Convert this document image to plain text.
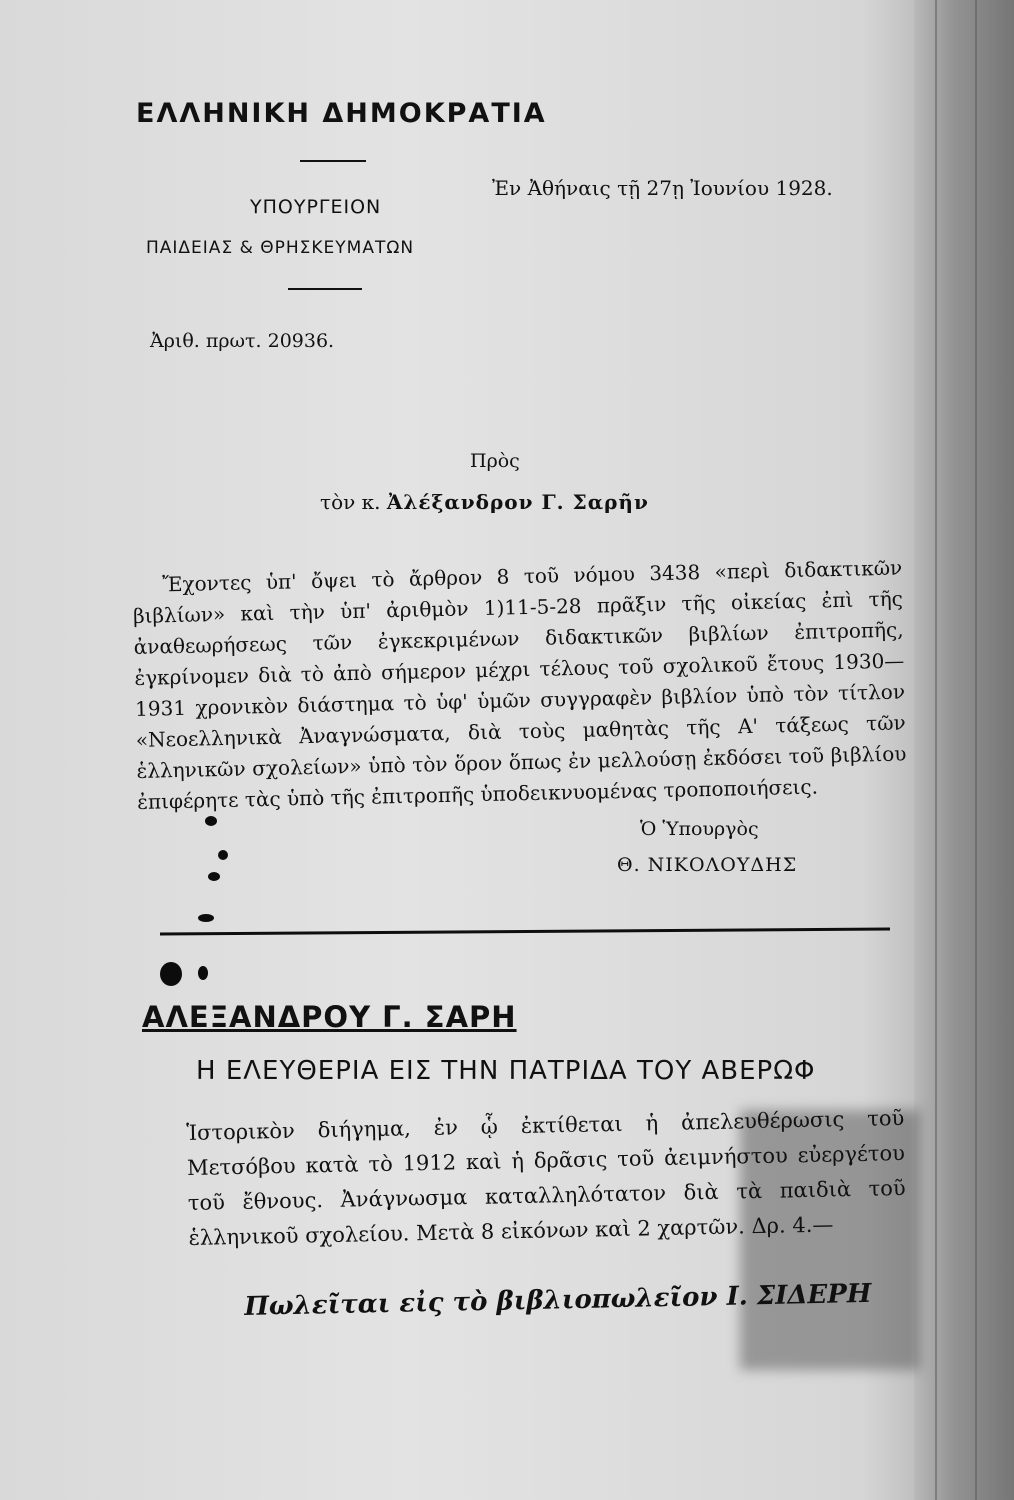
ΕΛΛΗΝΙΚΗ ΔΗΜΟΚΡΑΤΙΑ
ΥΠΟΥΡΓΕΙΟΝ
ΠΑΙΔΕΙΑΣ & ΘΡΗΣΚΕΥΜΑΤΩΝ
Ἐν Ἀθήναις τῇ 27ῃ Ἰουνίου 1928.
Ἀριθ. πρωτ. 20936.
Πρὸς
τὸν κ. Ἀλέξανδρον Γ. Σαρῆν

Ἔχοντες ὑπ' ὄψει τὸ ἄρθρον 8 τοῦ νόμου 3438 «περὶ διδακτικῶν βιβλίων» καὶ τὴν ὑπ' ἀριθμὸν 1)11-5-28 πρᾶξιν τῆς οἰκείας ἐπὶ τῆς ἀναθεωρήσεως τῶν ἐγκεκριμένων διδακτικῶν βιβλίων ἐπιτροπῆς, ἐγκρίνομεν διὰ τὸ ἀπὸ σήμερον μέχρι τέλους τοῦ σχολικοῦ ἔτους 1930—1931 χρονικὸν διάστημα τὸ ὑφ' ὑμῶν συγγραφὲν βιβλίον ὑπὸ τὸν τίτλον «Νεοελληνικὰ Ἀναγνώσματα, διὰ τοὺς μαθητὰς τῆς Α' τάξεως τῶν ἑλληνικῶν σχολείων» ὑπὸ τὸν ὅρον ὅπως ἐν μελλούσῃ ἐκδόσει τοῦ βιβλίου ἐπιφέρητε τὰς ὑπὸ τῆς ἐπιτροπῆς ὑποδεικνυομένας τροποποιήσεις.

Ὁ Ὑπουργὸς
Θ. ΝΙΚΟΛΟΥΔΗΣ
ΑΛΕΞΑΝΔΡΟΥ Γ. ΣΑΡΗ
Η ΕΛΕΥΘΕΡΙΑ ΕΙΣ ΤΗΝ ΠΑΤΡΙΔΑ ΤΟΥ ΑΒΕΡΩΦ

Ἱστορικὸν διήγημα, ἐν ᾧ ἐκτίθεται ἡ ἀπελευθέρωσις τοῦ Μετσόβου κατὰ τὸ 1912 καὶ ἡ δρᾶσις τοῦ ἀειμνήστου εὐεργέτου τοῦ ἔθνους. Ἀνάγνωσμα καταλληλότατον διὰ τὰ παιδιὰ τοῦ ἑλληνικοῦ σχολείου. Μετὰ 8 εἰκόνων καὶ 2 χαρτῶν. Δρ. 4.—

Πωλεῖται εἰς τὸ βιβλιοπωλεῖον Ι. ΣΙΔΕΡΗ
